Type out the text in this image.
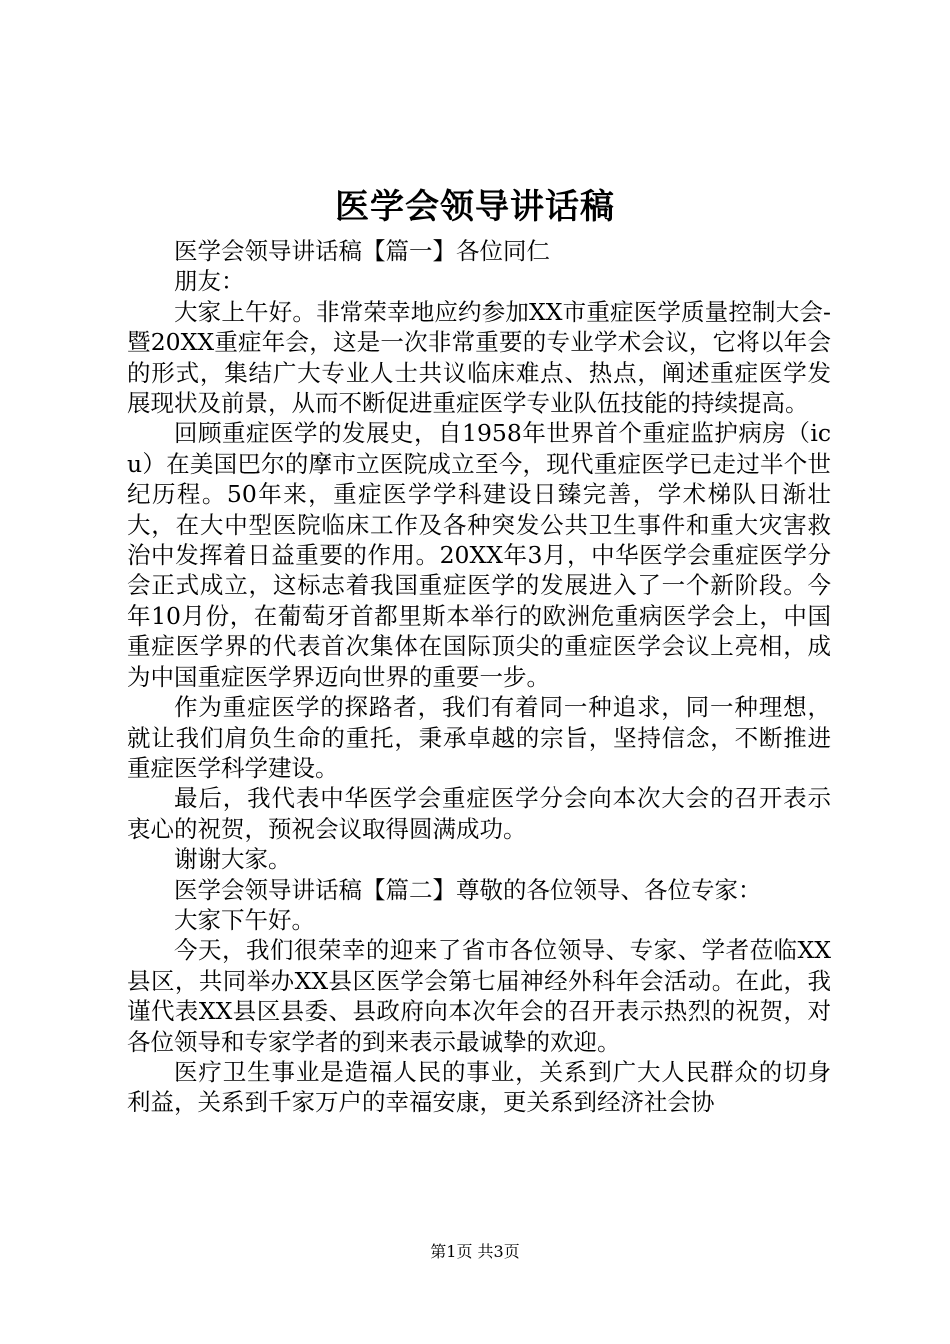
医学会领导讲话稿

医学会领导讲话稿【篇一】各位同仁

朋友：

大家上午好。非常荣幸地应约参加XX市重症医学质量控制大会-暨20XX重症年会，这是一次非常重要的专业学术会议，它将以年会的形式，集结广大专业人士共议临床难点、热点，阐述重症医学发展现状及前景，从而不断促进重症医学专业队伍技能的持续提高。

回顾重症医学的发展史，自1958年世界首个重症监护病房（icu）在美国巴尔的摩市立医院成立至今，现代重症医学已走过半个世纪历程。50年来，重症医学学科建设日臻完善，学术梯队日渐壮大，在大中型医院临床工作及各种突发公共卫生事件和重大灾害救治中发挥着日益重要的作用。20XX年3月，中华医学会重症医学分会正式成立，这标志着我国重症医学的发展进入了一个新阶段。今年10月份，在葡萄牙首都里斯本举行的欧洲危重病医学会上，中国重症医学界的代表首次集体在国际顶尖的重症医学会议上亮相，成为中国重症医学界迈向世界的重要一步。

作为重症医学的探路者，我们有着同一种追求，同一种理想，就让我们肩负生命的重托，秉承卓越的宗旨，坚持信念，不断推进重症医学科学建设。

最后，我代表中华医学会重症医学分会向本次大会的召开表示衷心的祝贺，预祝会议取得圆满成功。

谢谢大家。

医学会领导讲话稿【篇二】尊敬的各位领导、各位专家：

大家下午好。

今天，我们很荣幸的迎来了省市各位领导、专家、学者莅临XX县区，共同举办XX县区医学会第七届神经外科年会活动。在此，我谨代表XX县区县委、县政府向本次年会的召开表示热烈的祝贺，对各位领导和专家学者的到来表示最诚挚的欢迎。

医疗卫生事业是造福人民的事业，关系到广大人民群众的切身利益，关系到千家万户的幸福安康，更关系到经济社会协

第1页 共3页
